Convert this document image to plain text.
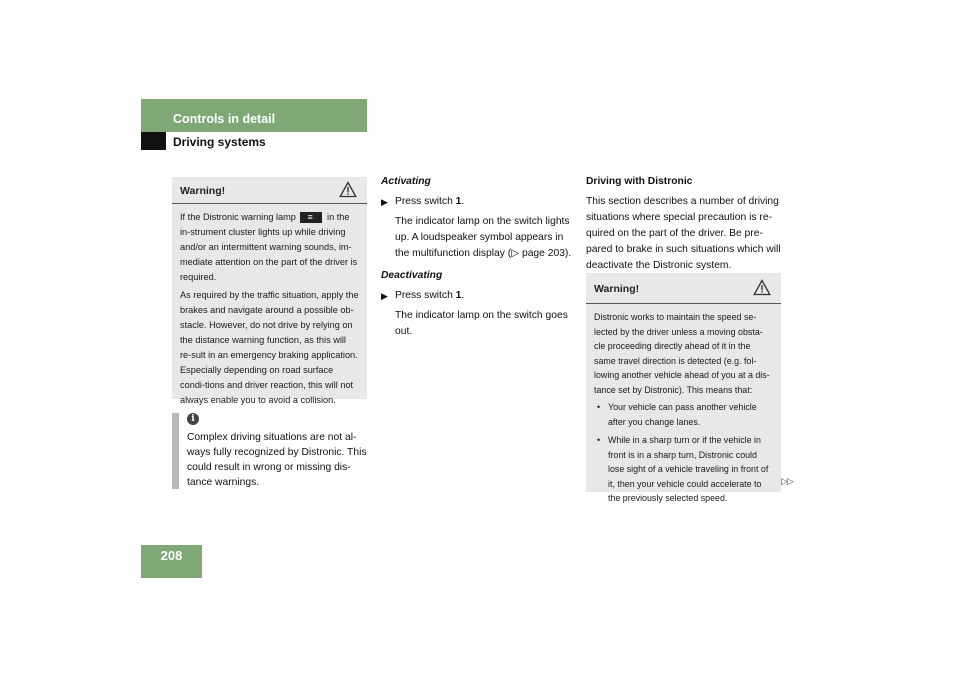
Controls in detail
Driving systems
Warning!

If the Distronic warning lamp ≡	in the in-strument cluster lights up while driving and/or an intermittent warning sounds, im-mediate attention on the part of the driver is required.

As required by the traffic situation, apply the brakes and navigate around a possible ob-stacle. However, do not drive by relying on the distance warning function, as this will re-sult in an emergency braking application. Especially depending on road surface condi-tions and driver reaction, this will not always enable you to avoid a collision.

i
Complex driving situations are not al-ways fully recognized by Distronic. This could result in wrong or missing dis-tance warnings.
Activating
▶ Press switch 1.
The indicator lamp on the switch lights up. A loudspeaker symbol appears in the multifunction display (▷ page 203).
Deactivating
▶ Press switch 1.
The indicator lamp on the switch goes out.
Driving with Distronic
This section describes a number of driving situations where special precaution is re-quired on the part of the driver. Be pre-pared to brake in such situations which will deactivate the Distronic system.
Warning!
Distronic works to maintain the speed se-lected by the driver unless a moving obsta-cle proceeding directly ahead of it in the same travel direction is detected (e.g. fol-lowing another vehicle ahead of you at a dis-tance set by Distronic). This means that:
• Your vehicle can pass another vehicle after you change lanes.
• While in a sharp turn or if the vehicle in front is in a sharp turn, Distronic could lose sight of a vehicle traveling in front of it, then your vehicle could accelerate to the previously selected speed.
▷▷
208
